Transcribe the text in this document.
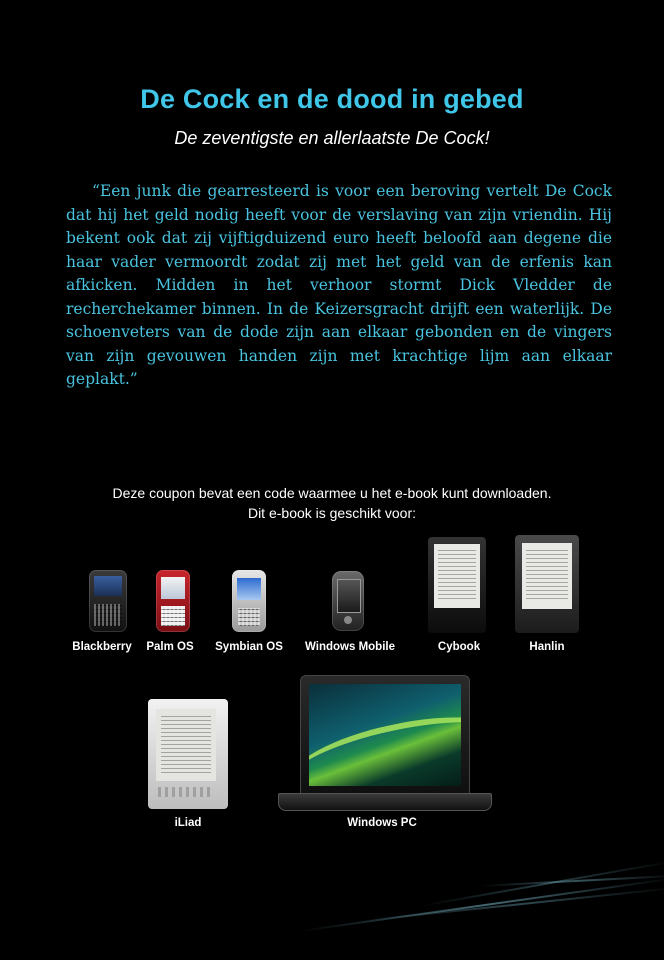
De Cock en de dood in gebed
De zeventigste en allerlaatste De Cock!
“Een junk die gearresteerd is voor een beroving vertelt De Cock dat hij het geld nodig heeft voor de verslaving van zijn vriendin. Hij bekent ook dat zij vijftigduizend euro heeft beloofd aan degene die haar vader vermoordt zodat zij met het geld van de erfenis kan afkicken. Midden in het verhoor stormt Dick Vledder de recherchekamer binnen. In de Keizersgracht drijft een waterlijk. De schoenveters van de dode zijn aan elkaar gebonden en de vingers van zijn gevouwen handen zijn met krachtige lijm aan elkaar geplakt.”
Deze coupon bevat een code waarmee u het e-book kunt downloaden.
Dit e-book is geschikt voor:
Blackberry Palm OS Symbian OS Windows Mobile	Cybook	Hanlin
iLiad	Windows PC
